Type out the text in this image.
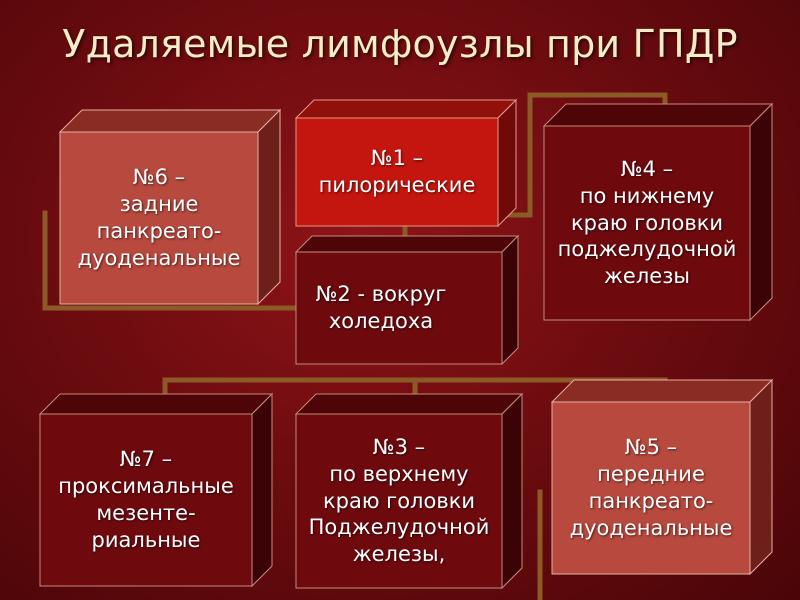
Удаляемые лимфоузлы при ГПДР
№6 –
задние
панкреато-
дуоденальные
№1 –
пилорические
№4 –
по нижнему
краю головки
поджелудочной
железы
№2 - вокруг
холедоха
№7 –
проксимальные
мезенте-
риальные
№3 –
по верхнему
краю головки
Поджелудочной
железы,
№5 –
передние
панкреато-
дуоденальные
